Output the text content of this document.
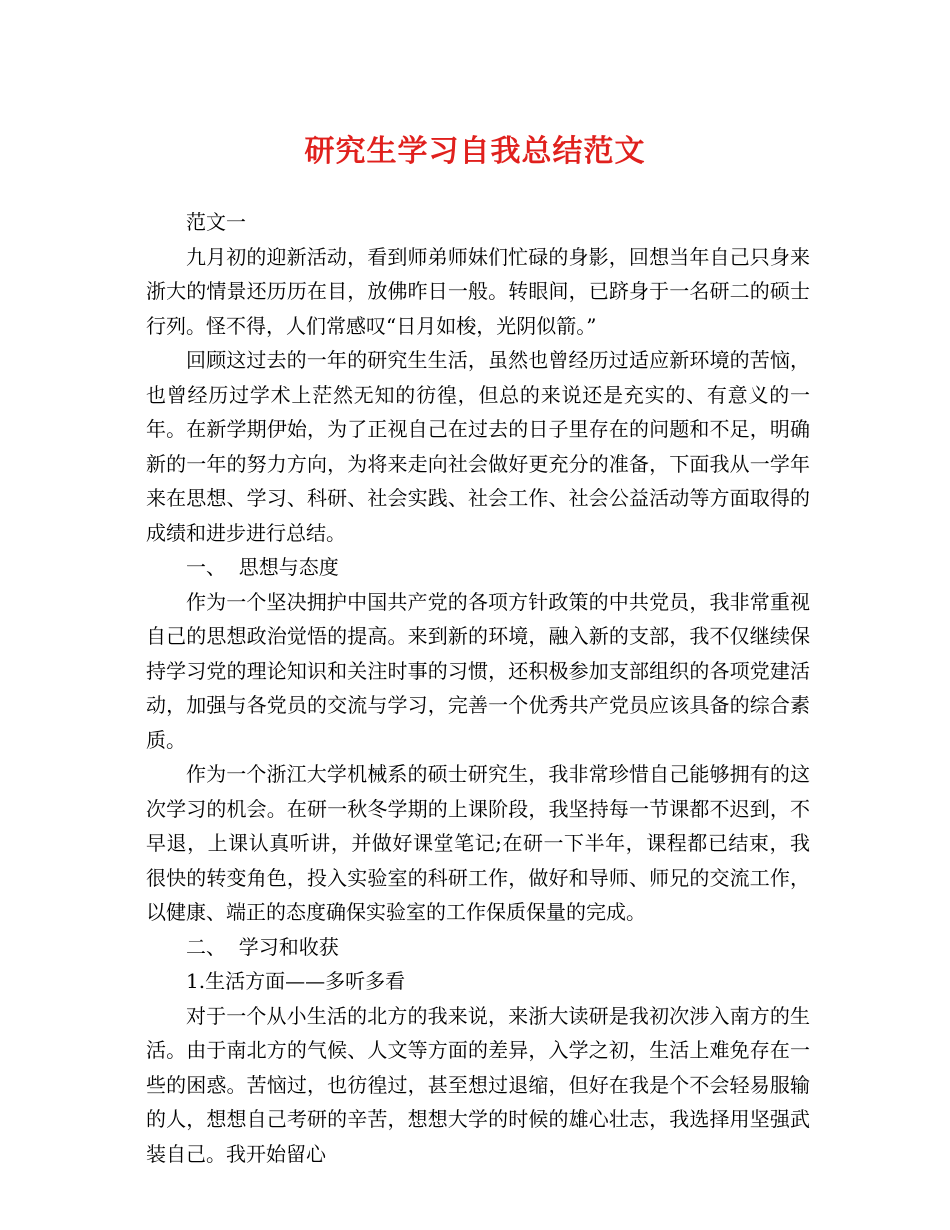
研究生学习自我总结范文

范文一

九月初的迎新活动，看到师弟师妹们忙碌的身影，回想当年自己只身来浙大的情景还历历在目，放佛昨日一般。转眼间，已跻身于一名研二的硕士行列。怪不得，人们常感叹“日月如梭，光阴似箭。”

回顾这过去的一年的研究生生活，虽然也曾经历过适应新环境的苦恼，也曾经历过学术上茫然无知的彷徨，但总的来说还是充实的、有意义的一年。在新学期伊始，为了正视自己在过去的日子里存在的问题和不足，明确新的一年的努力方向，为将来走向社会做好更充分的准备，下面我从一学年来在思想、学习、科研、社会实践、社会工作、社会公益活动等方面取得的成绩和进步进行总结。

一、  思想与态度

作为一个坚决拥护中国共产党的各项方针政策的中共党员，我非常重视自己的思想政治觉悟的提高。来到新的环境，融入新的支部，我不仅继续保持学习党的理论知识和关注时事的习惯，还积极参加支部组织的各项党建活动，加强与各党员的交流与学习，完善一个优秀共产党员应该具备的综合素质。

作为一个浙江大学机械系的硕士研究生，我非常珍惜自己能够拥有的这次学习的机会。在研一秋冬学期的上课阶段，我坚持每一节课都不迟到，不早退，上课认真听讲，并做好课堂笔记;在研一下半年，课程都已结束，我很快的转变角色，投入实验室的科研工作，做好和导师、师兄的交流工作，以健康、端正的态度确保实验室的工作保质保量的完成。

二、  学习和收获

1.生活方面——多听多看

对于一个从小生活的北方的我来说，来浙大读研是我初次涉入南方的生活。由于南北方的气候、人文等方面的差异，入学之初，生活上难免存在一些的困惑。苦恼过，也彷徨过，甚至想过退缩，但好在我是个不会轻易服输的人，想想自己考研的辛苦，想想大学的时候的雄心壮志，我选择用坚强武装自己。我开始留心
